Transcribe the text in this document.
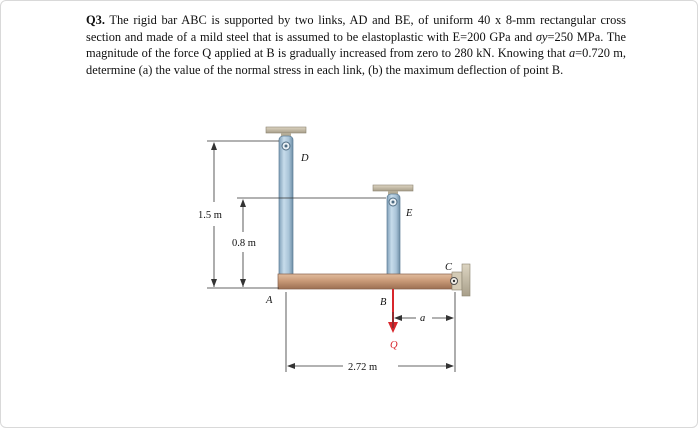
Q3. The rigid bar ABC is supported by two links, AD and BE, of uniform 40 x 8-mm rectangular cross section and made of a mild steel that is assumed to be elastoplastic with E=200 GPa and σy=250 MPa. The magnitude of the force Q applied at B is gradually increased from zero to 280 kN. Knowing that a=0.720 m, determine (a) the value of the normal stress in each link, (b) the maximum deflection of point B.

D
E
A	B
C
Q
a
1.5 m
0.8 m
2.72 m
